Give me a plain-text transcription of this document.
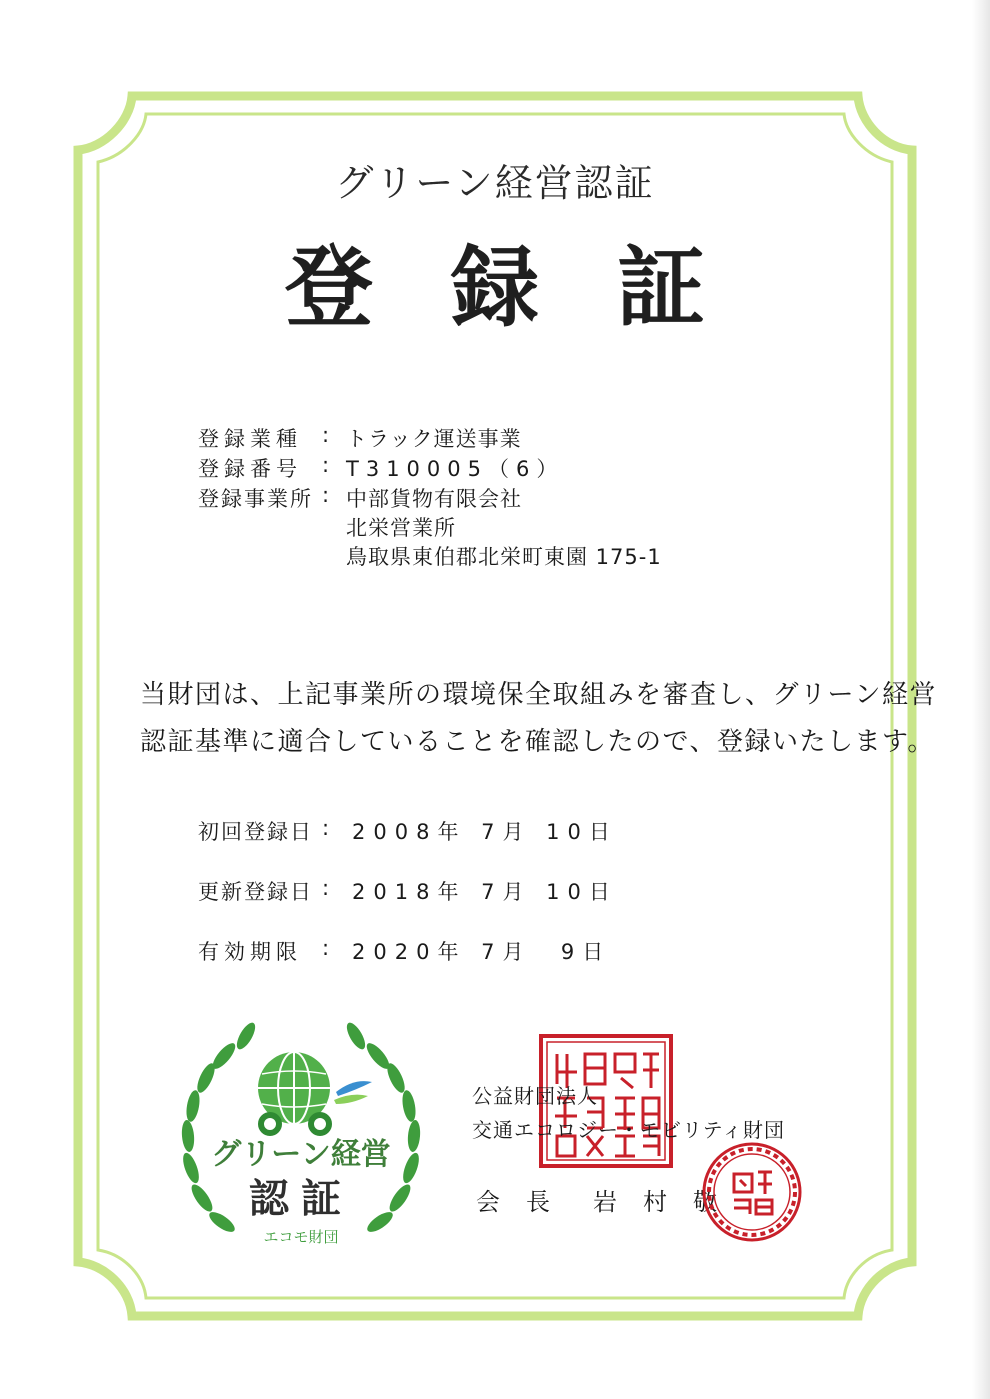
グリーン経営認証
登録証
登録業種 : トラック運送事業
登録番号 : T310005（6）
登録事業所 : 中部貨物有限会社
北栄営業所
鳥取県東伯郡北栄町東園 175-1
当財団は、上記事業所の環境保全取組みを審査し、グリーン経営
認証基準に適合していることを確認したので、登録いたします。
初回登録日 : 2008年 7月 10日
更新登録日 : 2018年 7月 10日
有効期限 : 2020年 7月  9日
グリーン経営
認証
エコモ財団
公益財団法人
交通エコロジー・モビリティ財団
会長 岩村敬
